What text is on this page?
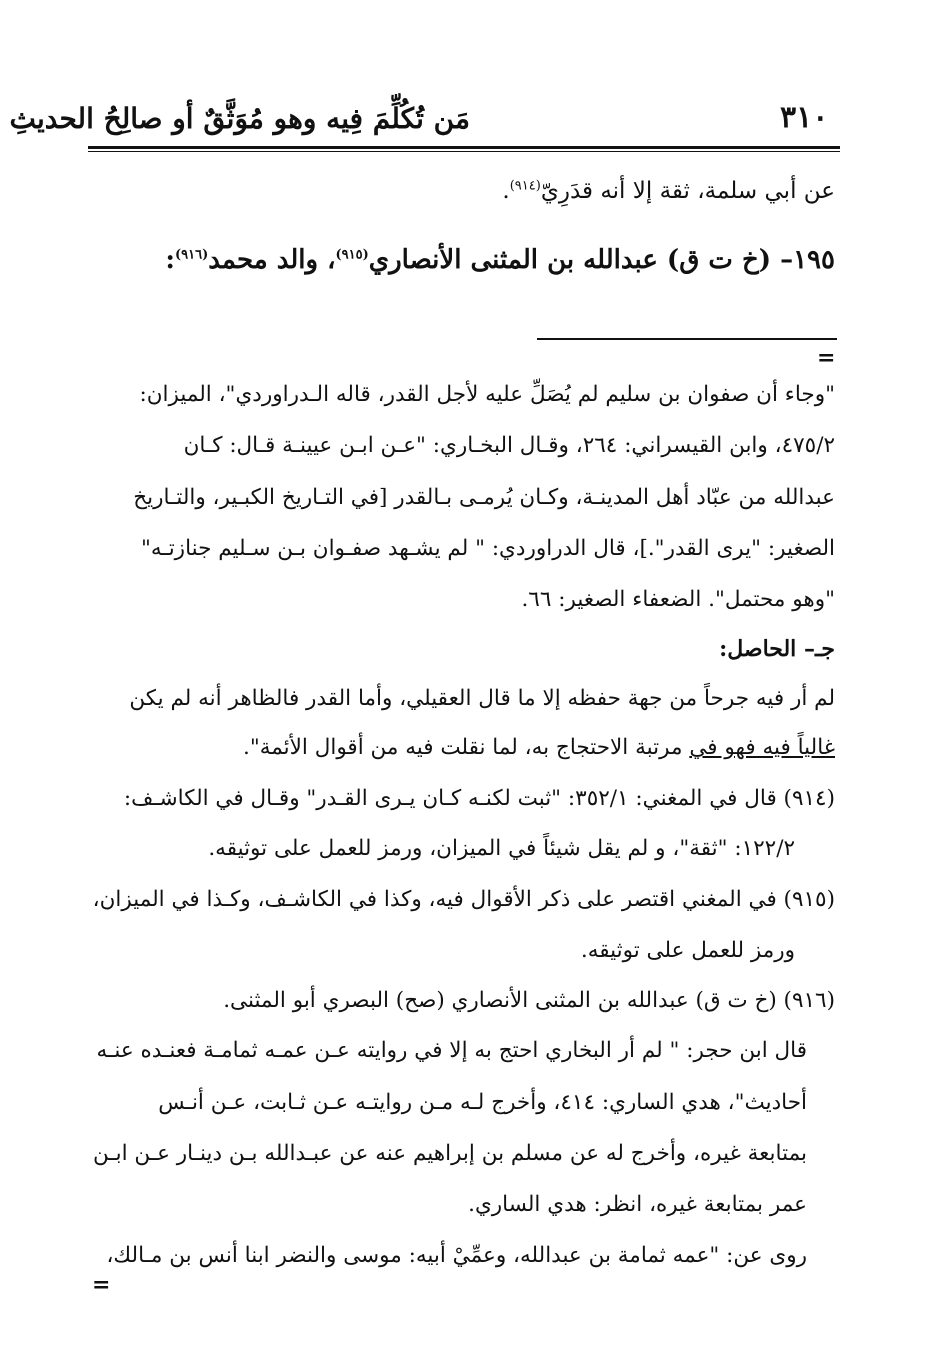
٣١٠
مَن تُكُلِّمَ فِيه وهو مُوَثَّقٌ أو صالِحُ الحديثِ
عن أبي سلمة، ثقة إلا أنه قدَرِيّ$^{(٩١٤)}$.
١٩٥– (خ ت ق) عبدالله بن المثنى الأنصاري$^{(٩١٥)}$، والد محمد$^{(٩١٦)}$:
=
"وجاء أن صفوان بن سليم لم يُصَلِّ عليه لأجل القدر، قاله الـدراوردي"، الميزان:
٤٧٥/٢، وابن القيسراني: ٢٦٤، وقـال البخـاري: "عـن ابـن عيينـة قـال: كـان
عبدالله من عبّاد أهل المدينـة، وكـان يُرمـى بـالقدر [في التـاريخ الكبـير، والتـاريخ
الصغير: "يرى القدر".]، قال الدراوردي: " لم يشـهد صفـوان بـن سـليم جنازتـه"
"وهو محتمل". الضعفاء الصغير: ٦٦.
جـ– الحاصل:
لم أر فيه جرحاً من جهة حفظه إلا ما قال العقيلي، وأما القدر فالظاهر أنه لم يكن
غالياً فيه فهو في مرتبة الاحتجاج به، لما نقلت فيه من أقوال الأئمة".
(٩١٤) قال في المغني: ٣٥٢/١: "ثبت لكنـه كـان يـرى القـدر" وقـال في الكاشـف:
١٢٢/٢: "ثقة"، و لم يقل شيئاً في الميزان، ورمز للعمل على توثيقه.
(٩١٥) في المغني اقتصر على ذكر الأقوال فيه، وكذا في الكاشـف، وكـذا في الميزان،
ورمز للعمل على توثيقه.
(٩١٦) (خ ت ق) عبدالله بن المثنى الأنصاري (صح) البصري أبو المثنى.
قال ابن حجر: " لم أر البخاري احتج به إلا في روايته عـن عمـه ثمامـة فعنـده عنـه
أحاديث"، هدي الساري: ٤١٤، وأخرج لـه مـن روايتـه عـن ثـابت، عـن أنـس
بمتابعة غيره، وأخرج له عن مسلم بن إبراهيم عنه عن عبـدالله بـن دينـار عـن ابـن
عمر بمتابعة غيره، انظر: هدي الساري.
روى عن: "عمه ثمامة بن عبدالله، وعمِّيْ أبيه: موسى والنضر ابنا أنس بن مـالك،
=
